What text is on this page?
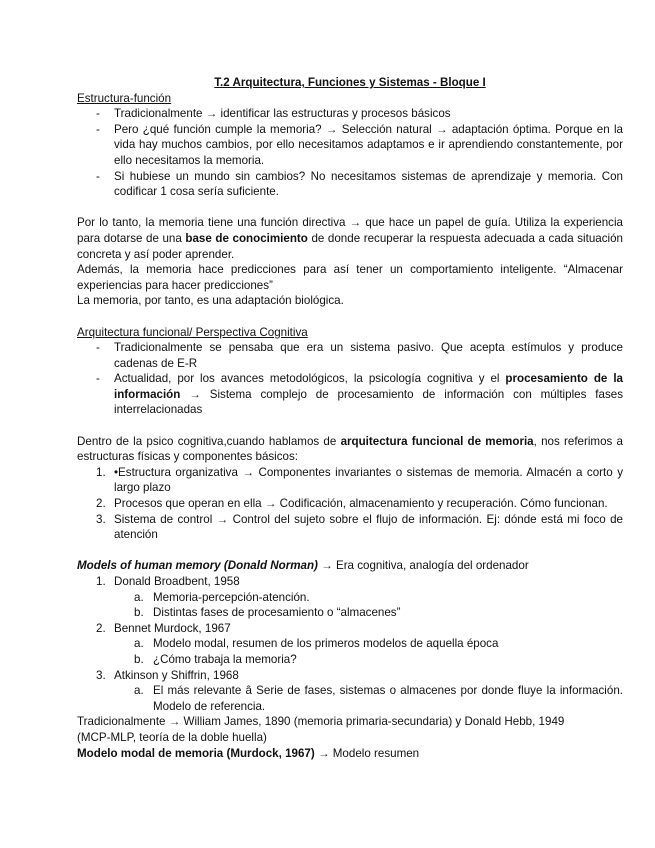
T.2 Arquitectura, Funciones y Sistemas - Bloque I
Estructura-función
- Tradicionalmente → identificar las estructuras y procesos básicos
- Pero ¿qué función cumple la memoria? → Selección natural → adaptación óptima. Porque en la vida hay muchos cambios, por ello necesitamos adaptamos e ir aprendiendo constantemente, por ello necesitamos la memoria.
- Si hubiese un mundo sin cambios? No necesitamos sistemas de aprendizaje y memoria. Con codificar 1 cosa sería suficiente.
Por lo tanto, la memoria tiene una función directiva → que hace un papel de guía. Utiliza la experiencia para dotarse de una base de conocimiento de donde recuperar la respuesta adecuada a cada situación concreta y así poder aprender.
Además, la memoria hace predicciones para así tener un comportamiento inteligente. “Almacenar experiencias para hacer predicciones”
La memoria, por tanto, es una adaptación biológica.
Arquitectura funcional/ Perspectiva Cognitiva
- Tradicionalmente se pensaba que era un sistema pasivo. Que acepta estímulos y produce cadenas de E-R
- Actualidad, por los avances metodológicos, la psicología cognitiva y el procesamiento de la información → Sistema complejo de procesamiento de información con múltiples fases interrelacionadas
Dentro de la psico cognitiva,cuando hablamos de arquitectura funcional de memoria, nos referimos a estructuras físicas y componentes básicos:
1. •Estructura organizativa → Componentes invariantes o sistemas de memoria. Almacén a corto y largo plazo
2. Procesos que operan en ella → Codificación, almacenamiento y recuperación. Cómo funcionan.
3. Sistema de control → Control del sujeto sobre el flujo de información. Ej: dónde está mi foco de atención
Models of human memory (Donald Norman) → Era cognitiva, analogía del ordenador
1. Donald Broadbent, 1958
a. Memoria-percepción-atención.
b. Distintas fases de procesamiento o “almacenes”
2. Bennet Murdock, 1967
a. Modelo modal, resumen de los primeros modelos de aquella época
b. ¿Cómo trabaja la memoria?
3. Atkinson y Shiffrin, 1968
a. El más relevante â Serie de fases, sistemas o almacenes por donde fluye la información. Modelo de referencia.
Tradicionalmente → William James, 1890 (memoria primaria-secundaria) y Donald Hebb, 1949
(MCP-MLP, teoría de la doble huella)
Modelo modal de memoria (Murdock, 1967) → Modelo resumen
